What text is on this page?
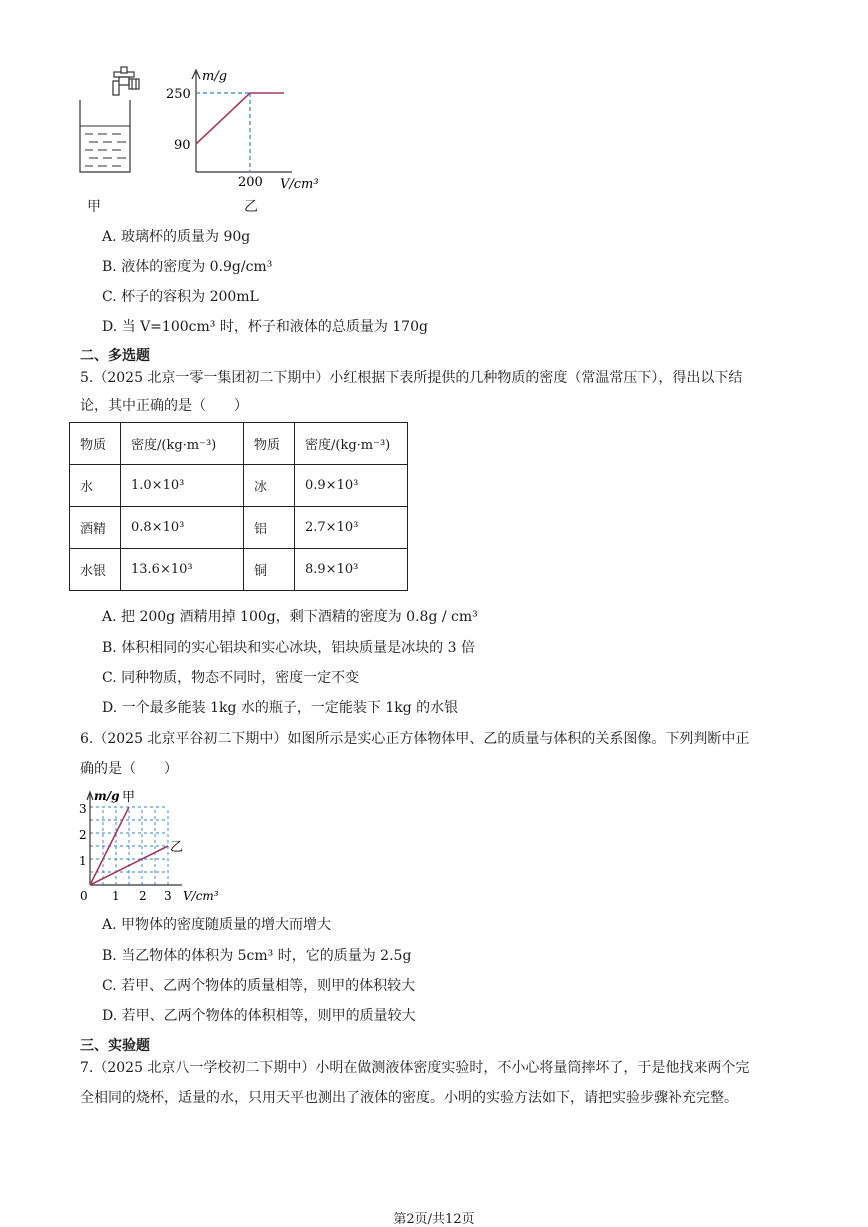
m/g
250
90
200 V/cm³
甲	乙
A. 玻璃杯的质量为 90g
B. 液体的密度为 0.9g/cm³
C. 杯子的容积为 200mL
D. 当 V=100cm³ 时，杯子和液体的总质量为 170g
二、多选题
5.（2025 北京一零一集团初二下期中）小红根据下表所提供的几种物质的密度（常温常压下），得出以下结
论，其中正确的是（　　）
物质	密度/(kg·m⁻³)	物质	密度/(kg·m⁻³)
水	1.0×10³	冰	0.9×10³
酒精	0.8×10³	铝	2.7×10³
水银	13.6×10³	铜	8.9×10³
A. 把 200g 酒精用掉 100g，剩下酒精的密度为 0.8g / cm³
B. 体积相同的实心铝块和实心冰块，铝块质量是冰块的 3 倍
C. 同种物质，物态不同时，密度一定不变
D. 一个最多能装 1kg 水的瓶子，一定能装下 1kg 的水银
6.（2025 北京平谷初二下期中）如图所示是实心正方体物体甲、乙的质量与体积的关系图像。下列判断中正
确的是（　　）
m/g 甲
乙
3
2
1
0 1 2 3 V/cm³
A. 甲物体的密度随质量的增大而增大
B. 当乙物体的体积为 5cm³ 时，它的质量为 2.5g
C. 若甲、乙两个物体的质量相等，则甲的体积较大
D. 若甲、乙两个物体的体积相等，则甲的质量较大
三、实验题
7.（2025 北京八一学校初二下期中）小明在做测液体密度实验时，不小心将量筒摔坏了，于是他找来两个完
全相同的烧杯，适量的水，只用天平也测出了液体的密度。小明的实验方法如下，请把实验步骤补充完整。
第2页/共12页
